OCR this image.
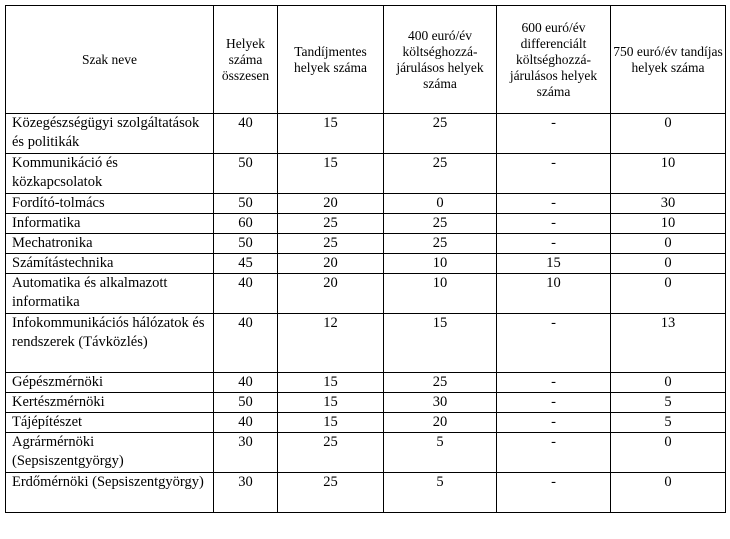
Szak neve	Helyek száma összesen	Tandíjmentes helyek száma	400 euró/év költséghozzá-járulásos helyek száma	600 euró/év differenciált költséghozzá-járulásos helyek száma	750 euró/év tandíjas helyek száma
Közegészségügyi szolgáltatások és politikák	40	15	25	-	0
Kommunikáció és közkapcsolatok	50	15	25	-	10
Fordító-tolmács	50	20	0	-	30
Informatika	60	25	25	-	10
Mechatronika	50	25	25	-	0
Számítástechnika	45	20	10	15	0
Automatika és alkalmazott informatika	40	20	10	10	0
Infokommunikációs hálózatok és rendszerek (Távközlés)	40	12	15	-	13
Gépészmérnöki	40	15	25	-	0
Kertészmérnöki	50	15	30	-	5
Tájépítészet	40	15	20	-	5
Agrármérnöki (Sepsiszentgyörgy)	30	25	5	-	0
Erdőmérnöki (Sepsiszentgyörgy)	30	25	5	-	0
